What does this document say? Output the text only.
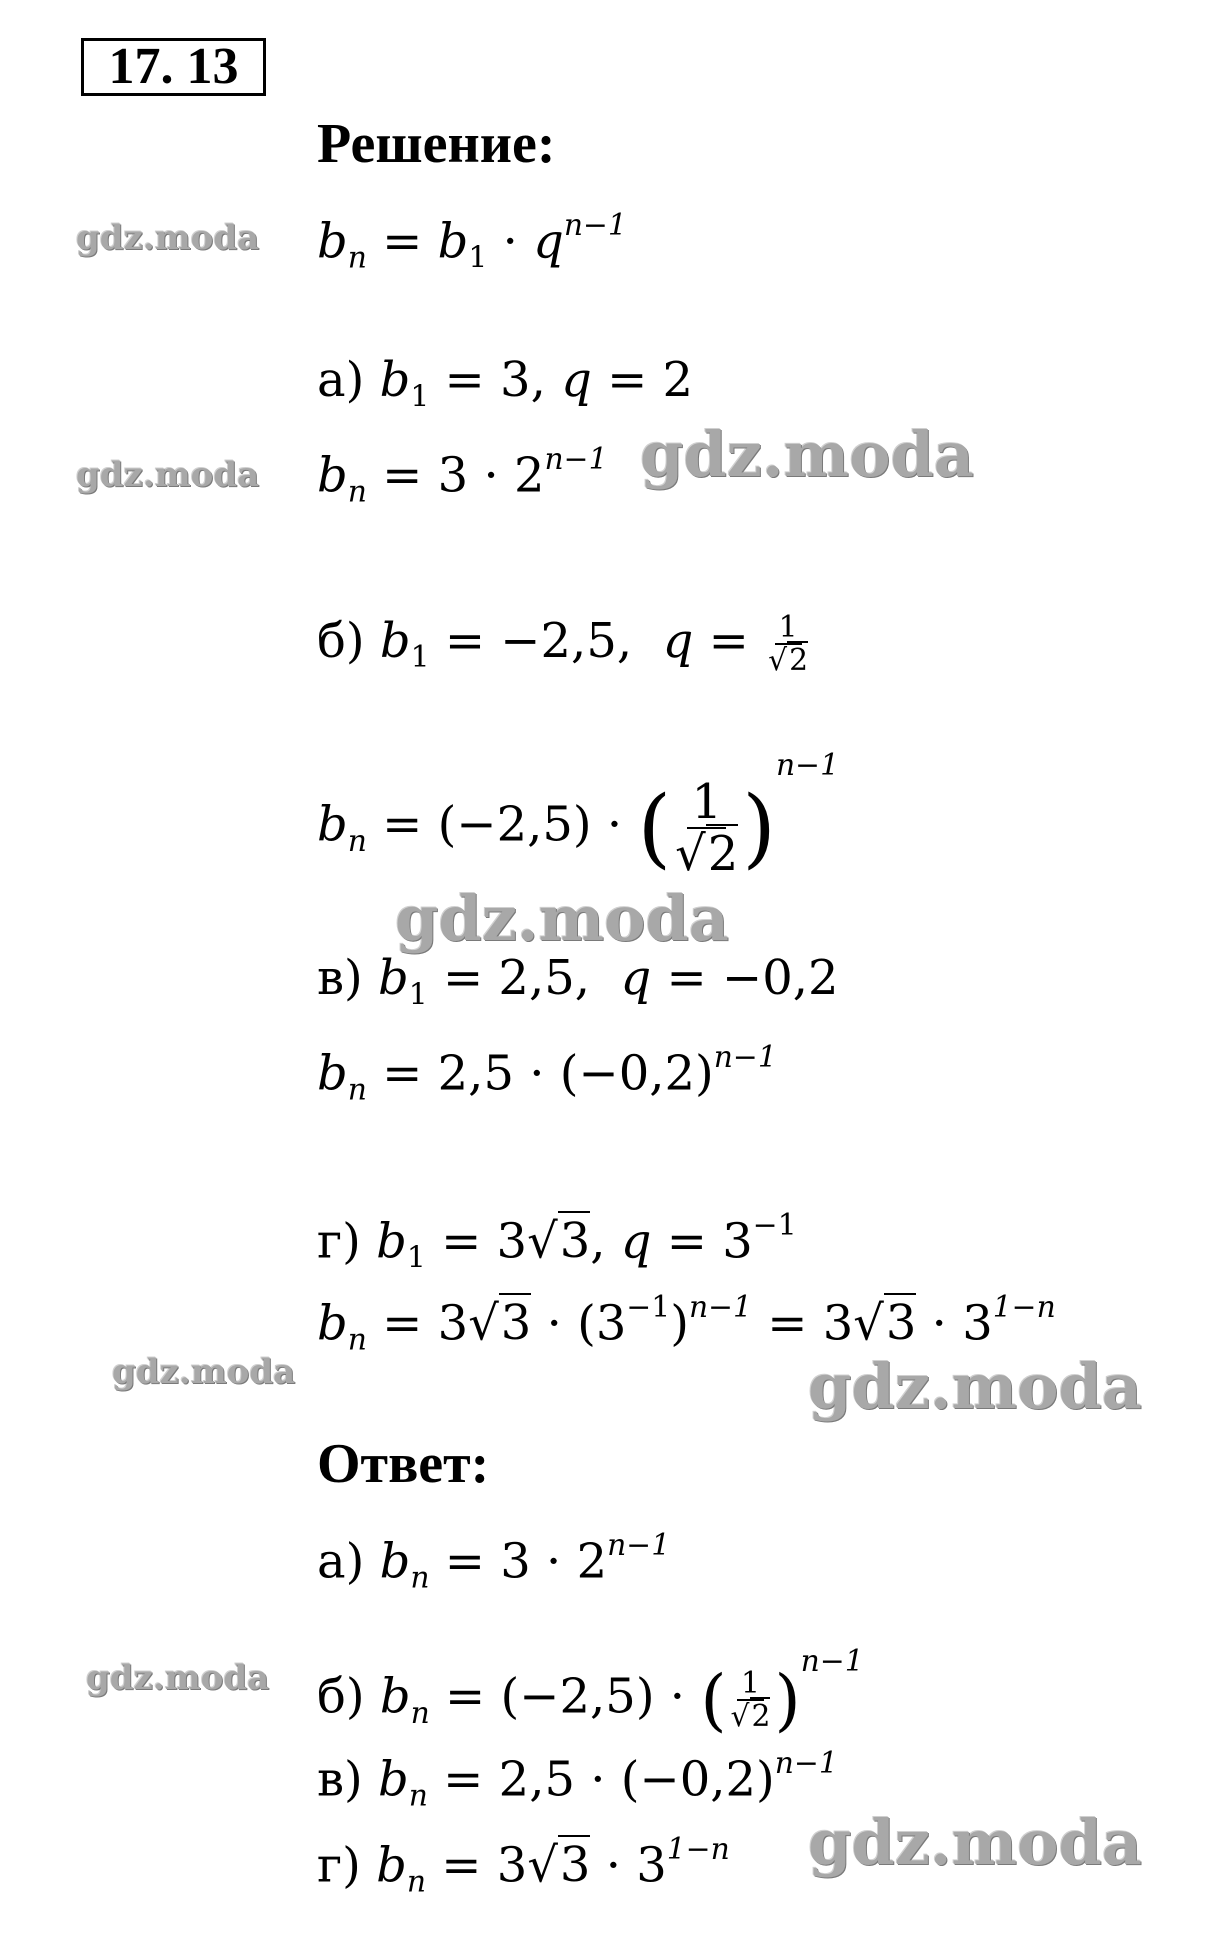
17. 13
Решение:
$b_n = b_1 \cdot q^{n-1}$
а) $b_1 = 3$, q = 2
$b_n = 3 \cdot 2^{n-1}$
б) $b_1 = -2,5$,  $q = \frac{1}{√2}$
$b_n = (-2,5)$ · ( $\frac{1}{√2} )^{n-1}$
в) $b_1 = 2,5$,  q = −0,2
$b_n = 2,5 \cdot (-0,2)^{n-1}$
г) $b_1 = 3√3$, $q = 3^{-1}$
$b_n = 3√3 \cdot (3^{-1})^{n-1} = 3√3 \cdot 3^{1-n}$
Ответ:
а) $b_n = 3 \cdot 2^{n-1}$
б) $b_n = (-2,5)$ · ( $\frac{1}{√2} )^{n-1}$
в) $b_n = 2,5 \cdot (-0,2)^{n-1}$
г) $b_n = 3√3 \cdot 3^{1-n}$
gdz.moda
gdz.moda	gdz.moda
gdz.moda
gdz.moda	gdz.moda
gdz.moda
gdz.moda
